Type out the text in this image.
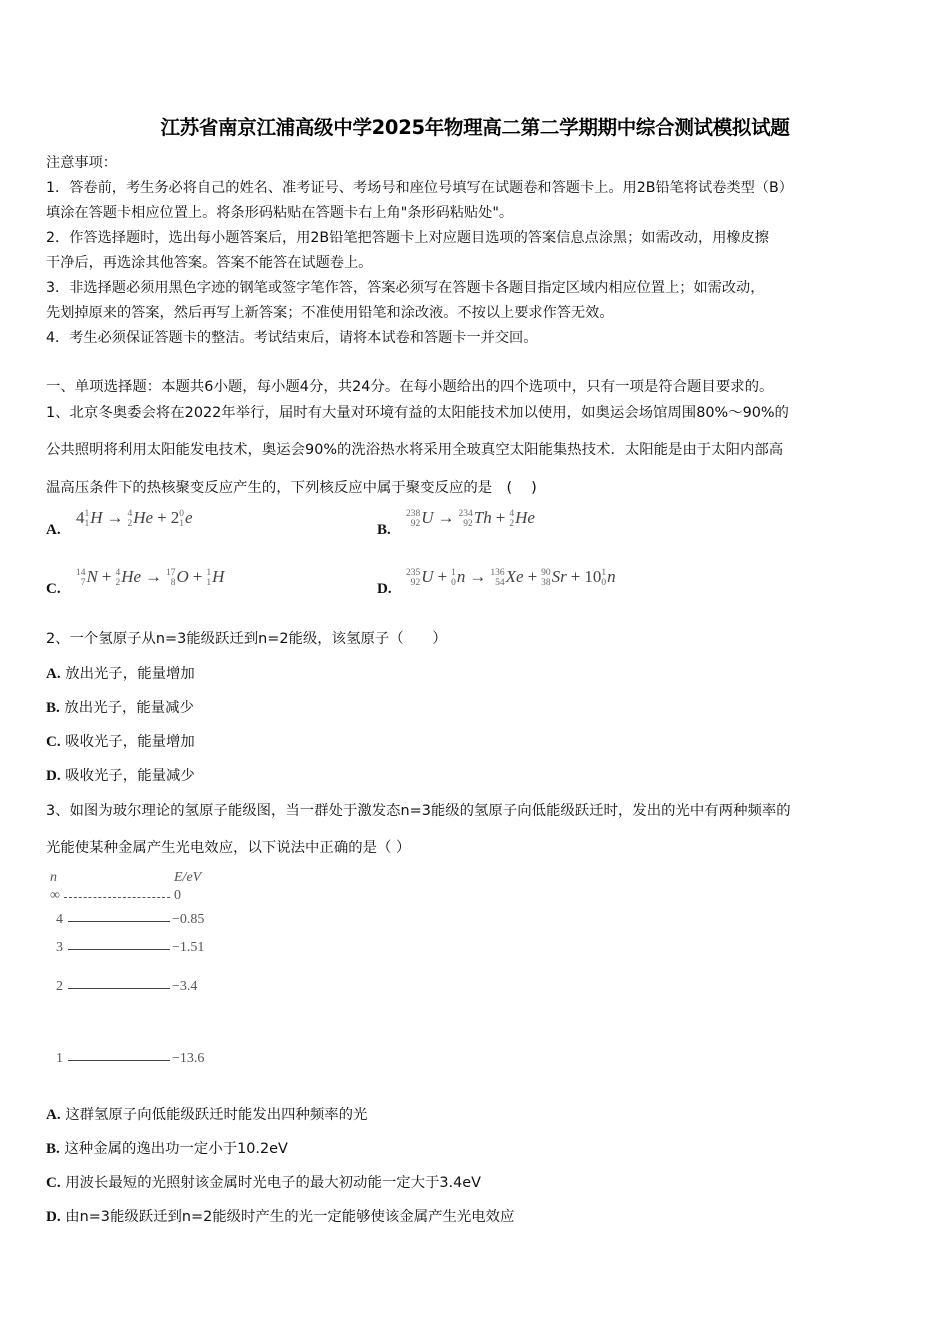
江苏省南京江浦高级中学2025年物理高二第二学期期中综合测试模拟试题

注意事项：

1．答卷前，考生务必将自己的姓名、准考证号、考场号和座位号填写在试题卷和答题卡上。用2B铅笔将试卷类型（B）

填涂在答题卡相应位置上。将条形码粘贴在答题卡右上角"条形码粘贴处"。

2．作答选择题时，选出每小题答案后，用2B铅笔把答题卡上对应题目选项的答案信息点涂黑；如需改动，用橡皮擦

干净后，再选涂其他答案。答案不能答在试题卷上。

3．非选择题必须用黑色字迹的钢笔或签字笔作答，答案必须写在答题卡各题目指定区域内相应位置上；如需改动，

先划掉原来的答案，然后再写上新答案；不准使用铅笔和涂改液。不按以上要求作答无效。

4．考生必须保证答题卡的整洁。考试结束后，请将本试卷和答题卡一并交回。

一、单项选择题：本题共6小题，每小题4分，共24分。在每小题给出的四个选项中，只有一项是符合题目要求的。
1、北京冬奥委会将在2022年举行，届时有大量对环境有益的太阳能技术加以使用，如奥运会场馆周围80%～90%的
公共照明将利用太阳能发电技术，奥运会90%的洗浴热水将采用全玻真空太阳能集热技术．太阳能是由于太阳内部高
温高压条件下的热核聚变反应产生的，下列核反应中属于聚变反应的是　(　 )
A.
4 1
1 H → 4
2 He + 2 0
1 e
B.
238
92 U → 234
92 Th + 4
2 He
C.
14
7 N + 4
2 He → 17
8 O + 1
1 H
D.
235
92 U + 1
0 n → 136
54 Xe + 90
38 Sr + 10 1
0 n
2、一个氢原子从n=3能级跃迁到n=2能级，该氢原子（　　）
A. 放出光子，能量增加
B. 放出光子，能量减少
C. 吸收光子，能量增加
D. 吸收光子，能量减少
3、如图为玻尔理论的氢原子能级图，当一群处于激发态n=3能级的氢原子向低能级跃迁时，发出的光中有两种频率的
光能使某种金属产生光电效应，以下说法中正确的是（ ）
n	E/eV
∞	0
4	−0.85
3	−1.51
2	−3.4
1	−13.6
A. 这群氢原子向低能级跃迁时能发出四种频率的光
B. 这种金属的逸出功一定小于10.2eV
C. 用波长最短的光照射该金属时光电子的最大初动能一定大于3.4eV
D. 由n=3能级跃迁到n=2能级时产生的光一定能够使该金属产生光电效应
